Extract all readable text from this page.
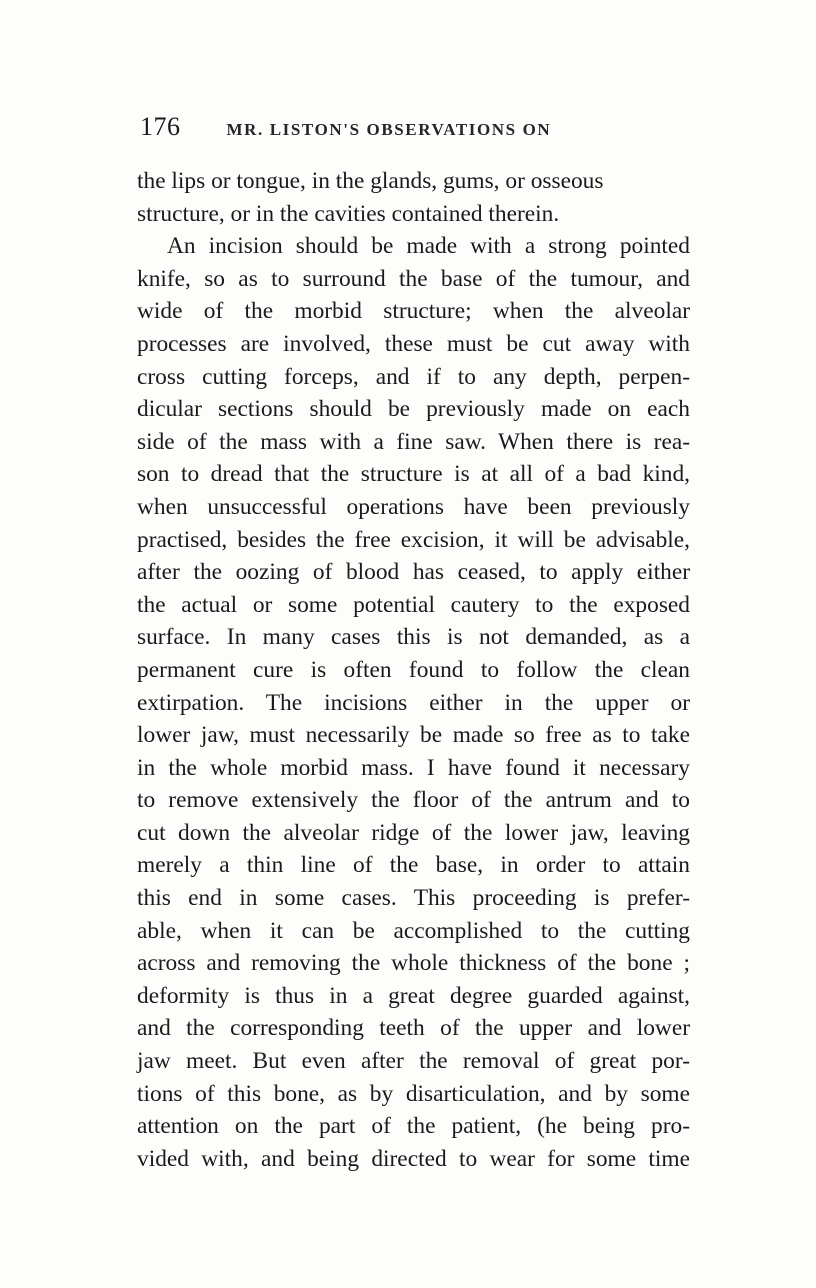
176	MR. LISTON'S OBSERVATIONS ON
the lips or tongue, in the glands, gums, or osseous
structure, or in the cavities contained therein.
An incision should be made with a strong pointed
knife, so as to surround the base of the tumour, and
wide of the morbid structure; when the alveolar
processes are involved, these must be cut away with
cross cutting forceps, and if to any depth, perpen-
dicular sections should be previously made on each
side of the mass with a fine saw. When there is rea-
son to dread that the structure is at all of a bad kind,
when unsuccessful operations have been previously
practised, besides the free excision, it will be advisable,
after the oozing of blood has ceased, to apply either
the actual or some potential cautery to the exposed
surface. In many cases this is not demanded, as a
permanent cure is often found to follow the clean
extirpation. The incisions either in the upper or
lower jaw, must necessarily be made so free as to take
in the whole morbid mass. I have found it necessary
to remove extensively the floor of the antrum and to
cut down the alveolar ridge of the lower jaw, leaving
merely a thin line of the base, in order to attain
this end in some cases. This proceeding is prefer-
able, when it can be accomplished to the cutting
across and removing the whole thickness of the bone ;
deformity is thus in a great degree guarded against,
and the corresponding teeth of the upper and lower
jaw meet. But even after the removal of great por-
tions of this bone, as by disarticulation, and by some
attention on the part of the patient, (he being pro-
vided with, and being directed to wear for some time
